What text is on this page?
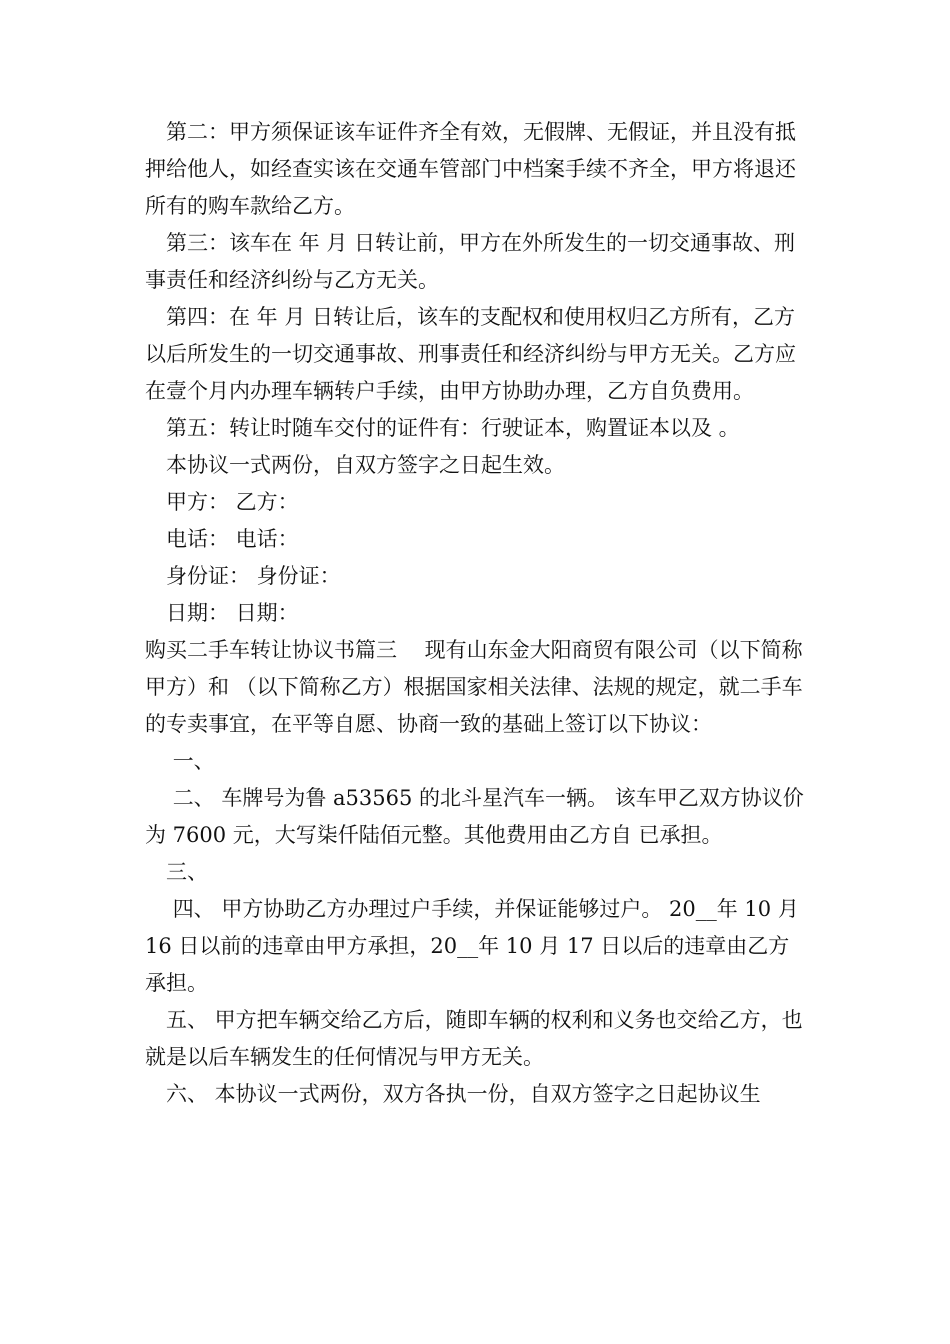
第二：甲方须保证该车证件齐全有效，无假牌、无假证，并且没有抵押给他人，如经查实该在交通车管部门中档案手续不齐全，甲方将退还所有的购车款给乙方。

第三：该车在 年 月 日转让前，甲方在外所发生的一切交通事故、刑事责任和经济纠纷与乙方无关。

第四：在 年 月 日转让后，该车的支配权和使用权归乙方所有，乙方以后所发生的一切交通事故、刑事责任和经济纠纷与甲方无关。乙方应在壹个月内办理车辆转户手续，由甲方协助办理，乙方自负费用。

第五：转让时随车交付的证件有：行驶证本，购置证本以及 。

本协议一式两份，自双方签字之日起生效。

甲方： 乙方：

电话： 电话：

身份证： 身份证：

日期： 日期：

购买二手车转让协议书篇三　 现有山东金大阳商贸有限公司（以下简称甲方）和 （以下简称乙方）根据国家相关法律、法规的规定，就二手车的专卖事宜，在平等自愿、协商一致的基础上签订以下协议：

一、

二、 车牌号为鲁 a53565 的北斗星汽车一辆。 该车甲乙双方协议价为 7600 元，大写柒仟陆佰元整。其他费用由乙方自 已承担。

三、

四、 甲方协助乙方办理过户手续，并保证能够过户。 20__年 10 月 16 日以前的违章由甲方承担，20__年 10 月 17 日以后的违章由乙方承担。

五、 甲方把车辆交给乙方后，随即车辆的权利和义务也交给乙方，也就是以后车辆发生的任何情况与甲方无关。

六、 本协议一式两份，双方各执一份，自双方签字之日起协议生
